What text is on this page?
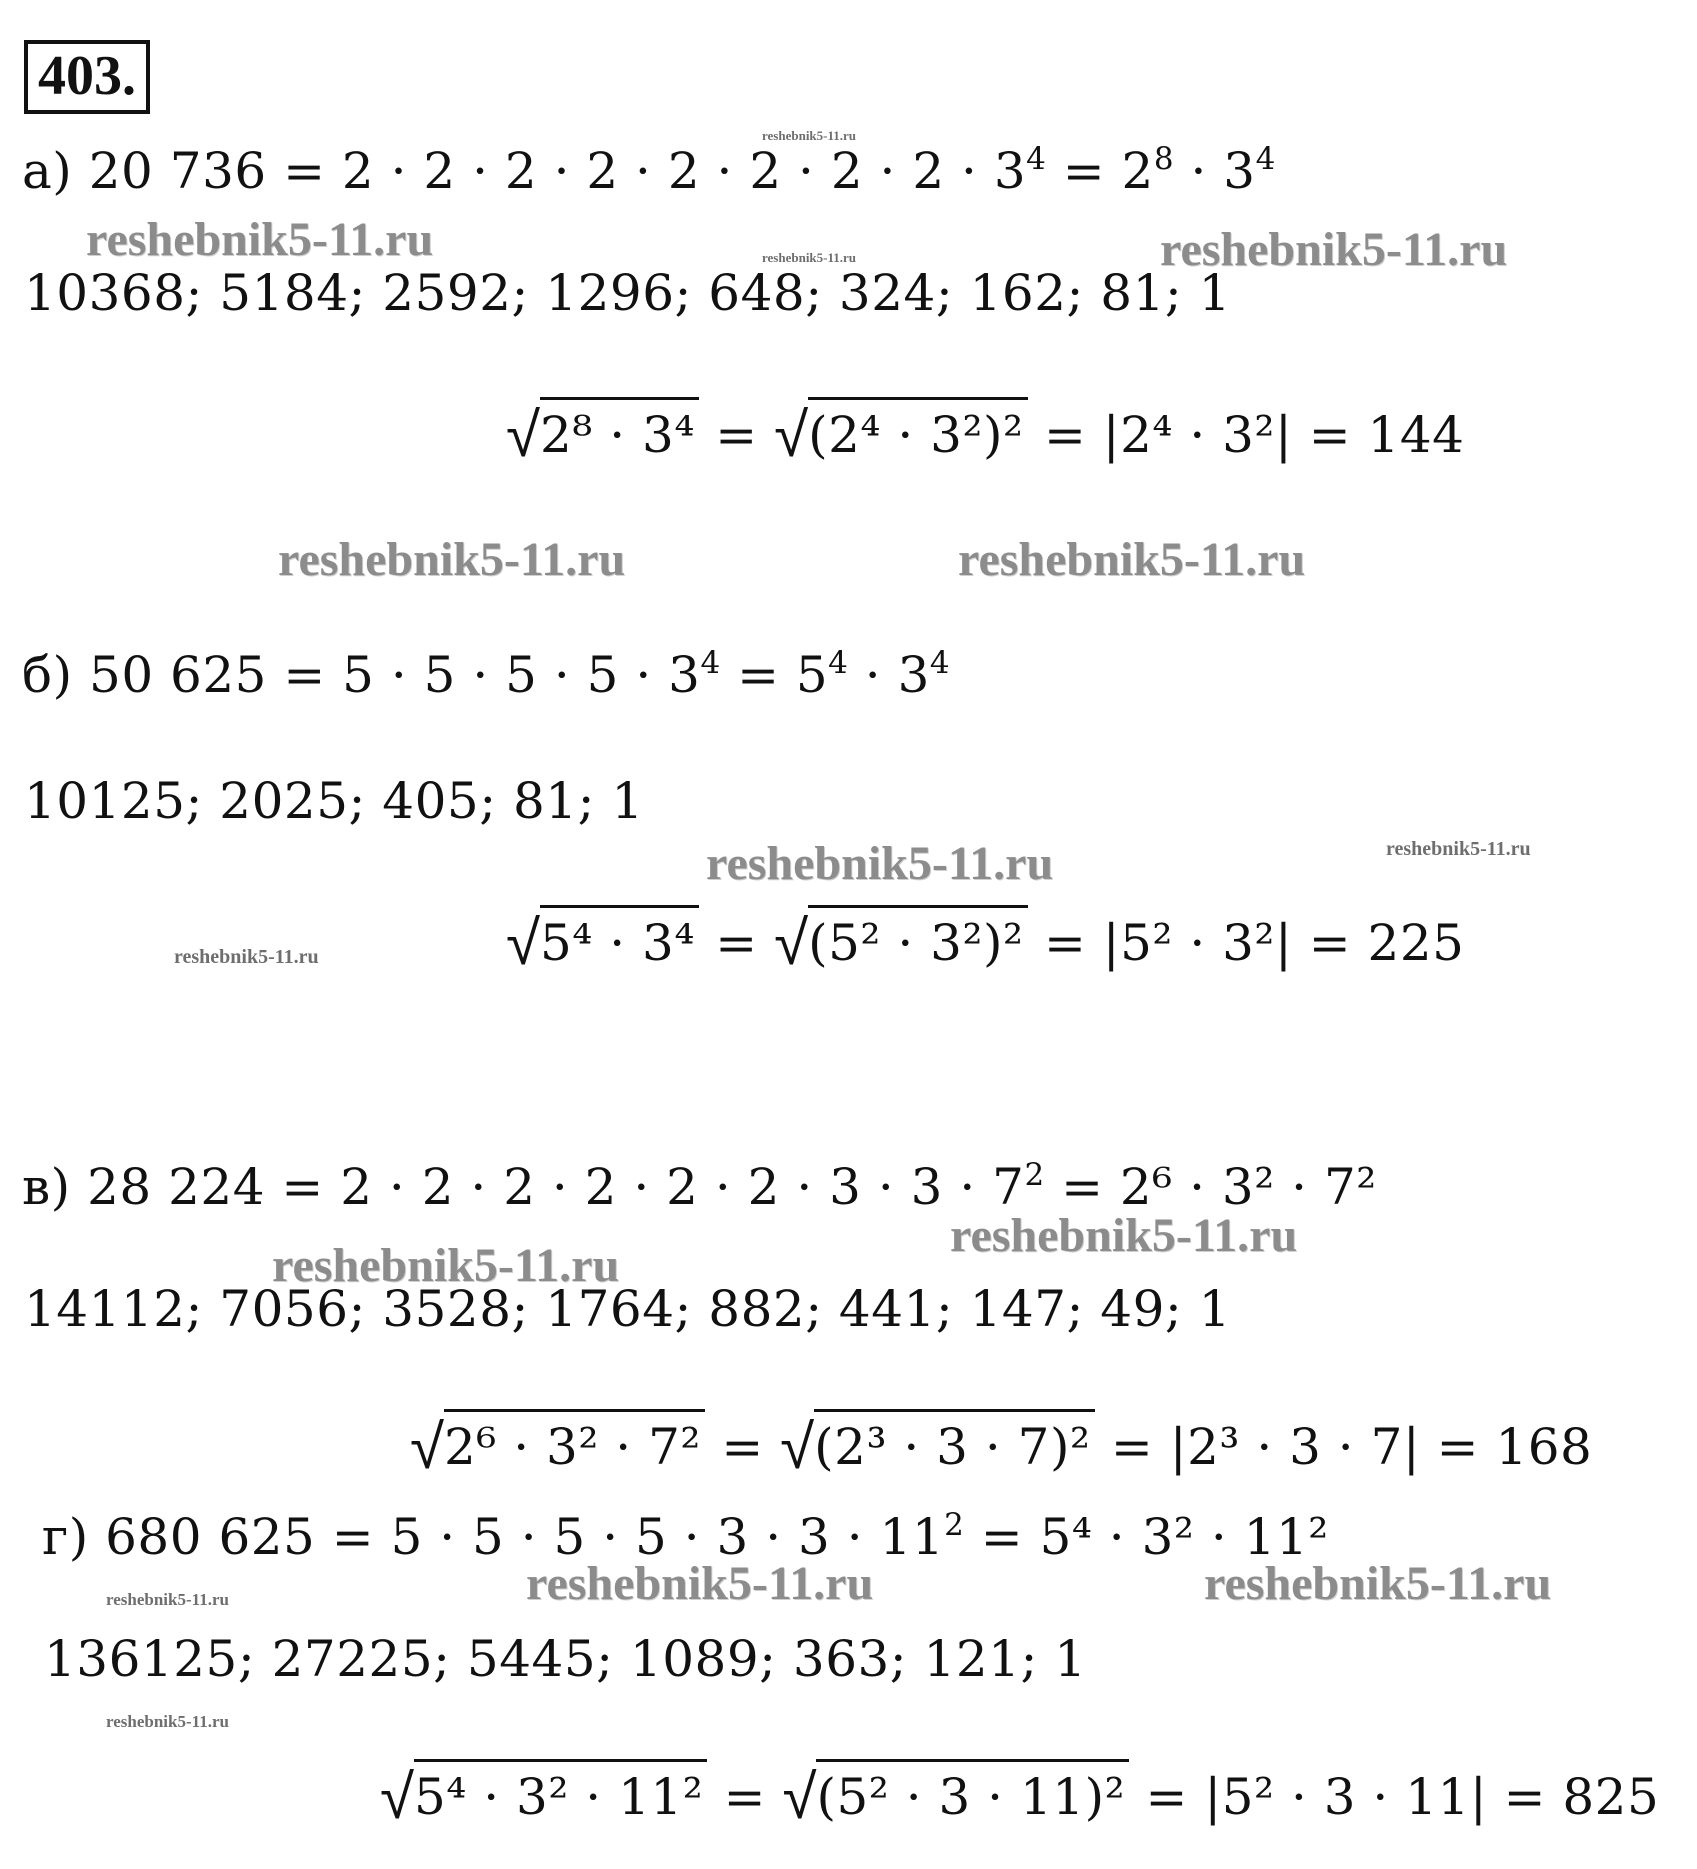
403.
reshebnik5-11.ru
reshebnik5-11.ru	reshebnik5-11.ru	reshebnik5-11.ru
reshebnik5-11.ru	reshebnik5-11.ru
reshebnik5-11.ru	reshebnik5-11.ru
reshebnik5-11.ru
reshebnik5-11.ru
reshebnik5-11.ru
reshebnik5-11.ru	reshebnik5-11.ru
reshebnik5-11.ru
reshebnik5-11.ru
а) 20 $736 = 2 \cdot 2 \cdot 2 \cdot 2 \cdot 2 \cdot 2 \cdot 2 \cdot 2 \cdot 3^4 = 2^8 \cdot 3^4$
10368; 5184; 2592; 1296; 648; 324; 162; 81; 1
√ 2⁸ · 3⁴ = √ (2⁴ · 3²)² = |2⁴ · 3²| = 144
б) 50 $625 = 5 \cdot 5 \cdot 5 \cdot 5 \cdot 3^4 = 5^4 \cdot 3^4$
10125; 2025; 405; 81; 1
√ 5⁴ · 3⁴ = √ (5² · 3²)² = |5² · 3²| = 225
в) 28 $224 = 2 \cdot 2 \cdot 2 \cdot 2 \cdot 2 \cdot 2 \cdot 3 \cdot 3 \cdot 7^2 = 2^6 \cdot 3^2 \cdot 7^2$
14112; 7056; 3528; 1764; 882; 441; 147; 49; 1
√ 2⁶ · 3² · 7² = √ (2³ · 3 · 7)² = |2³ · 3 · 7| = 168
г) 680 $625 = 5 \cdot 5 \cdot 5 \cdot 5 \cdot 3 \cdot 3 \cdot 11^2 = 5^4 \cdot 3^2 \cdot 11^2$
136125; 27225; 5445; 1089; 363; 121; 1
√ 5⁴ · 3² · 11² = √ (5² · 3 · 11)² = |5² · 3 · 11| = 825
